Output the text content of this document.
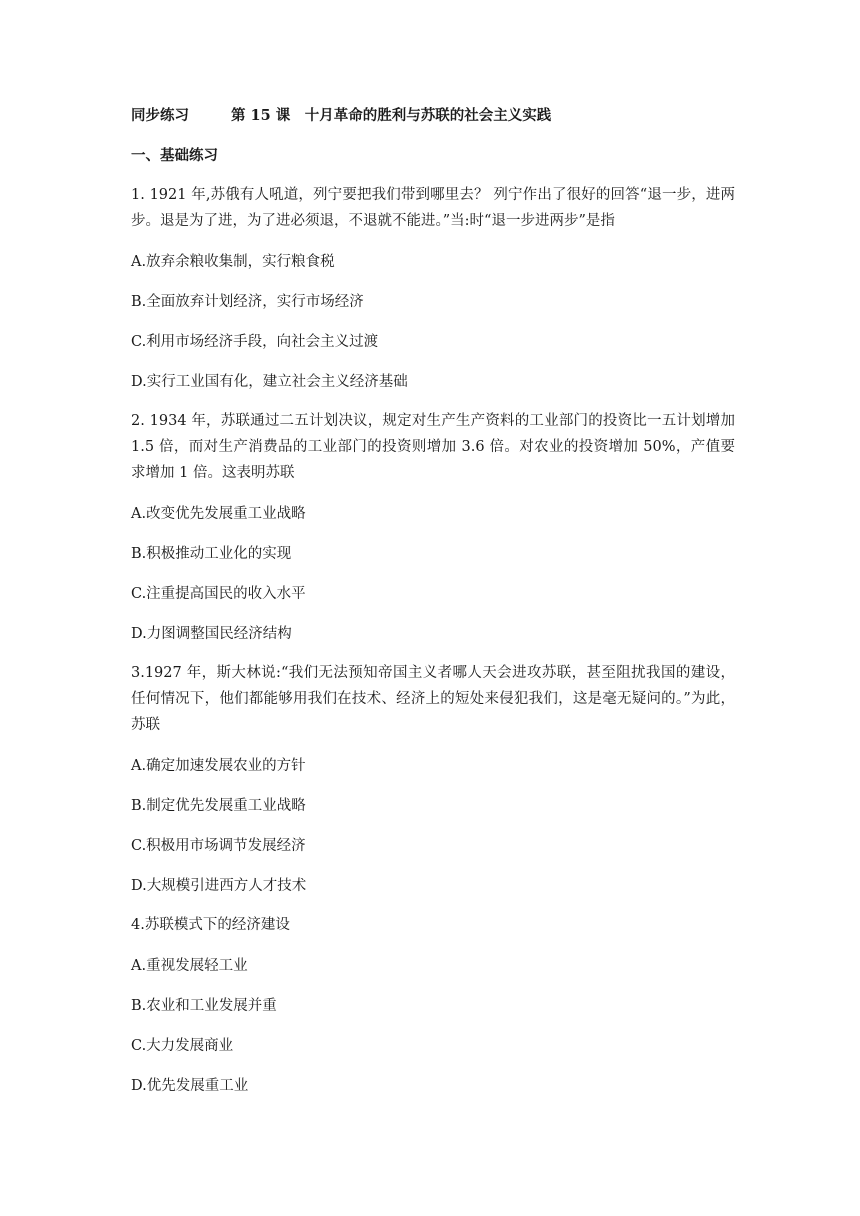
同步练习	第 15 课　十月革命的胜利与苏联的社会主义实践
一、基础练习
1. 1921 年,苏俄有人吼道，列宁要把我们带到哪里去？ 列宁作出了很好的回答“退一步，进两步。退是为了进，为了进必须退，不退就不能进。”当:时“退一步进两步”是指
A.放弃余粮收集制，实行粮食税
B.全面放弃计划经济，实行市场经济
C.利用市场经济手段，向社会主义过渡
D.实行工业国有化，建立社会主义经济基础
2. 1934 年，苏联通过二五计划决议，规定对生产生产资料的工业部门的投资比一五计划增加 1.5 倍，而对生产消费品的工业部门的投资则增加 3.6 倍。对农业的投资增加 50%，产值要求增加 1 倍。这表明苏联
A.改变优先发展重工业战略
B.积极推动工业化的实现
C.注重提高国民的收入水平
D.力图调整国民经济结构
3.1927 年，斯大林说:“我们无法预知帝国主义者哪人天会进攻苏联，甚至阻扰我国的建设，任何情况下，他们都能够用我们在技术、经济上的短处来侵犯我们，这是毫无疑问的。”为此，苏联
A.确定加速发展农业的方针
B.制定优先发展重工业战略
C.积极用市场调节发展经济
D.大规模引进西方人才技术
4.苏联模式下的经济建设
A.重视发展轻工业
B.农业和工业发展并重
C.大力发展商业
D.优先发展重工业
